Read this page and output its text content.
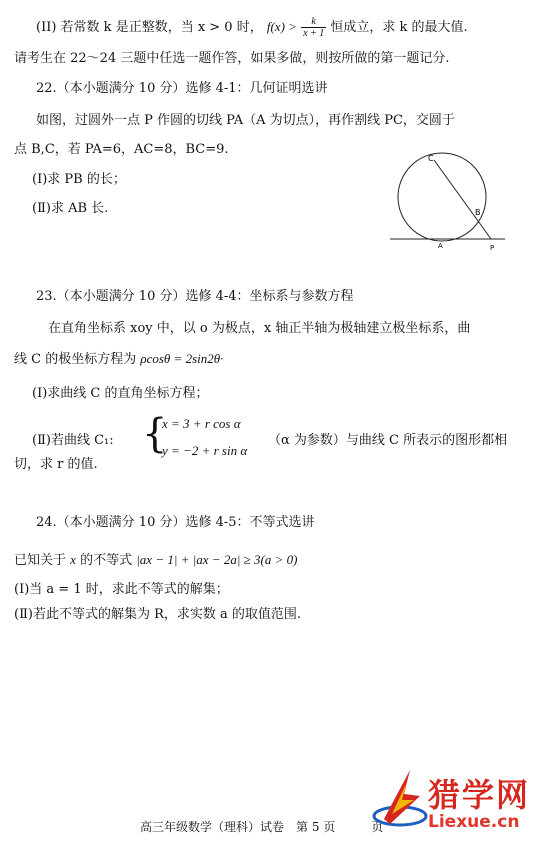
(II) 若常数 k 是正整数，当 x > 0 时， $f(x) > \frac{k}{x + 1}$ 恒成立，求 k 的最大值.
请考生在 22～24 三题中任选一题作答，如果多做，则按所做的第一题记分.
22.（本小题满分 10 分）选修 4-1：几何证明选讲
如图，过圆外一点 P 作圆的切线 PA（A 为切点），再作割线 PC，交圆于
点 B,C，若 PA=6，AC=8，BC=9.
(Ⅰ)求 PB 的长；
(Ⅱ)求 AB 长.
C
B
A	P
23.（本小题满分 10 分）选修 4-4：坐标系与参数方程
在直角坐标系 xoy 中，以 o 为极点，x 轴正半轴为极轴建立极坐标系，曲
线 C 的极坐标方程为 ρcosθ = 2sin2θ·
(Ⅰ)求曲线 C 的直角坐标方程；
(Ⅱ)若曲线 C₁: {
x = 3 + r cos α
y = −2 + r sin α
（α 为参数）与曲线 C 所表示的图形都相
切，求 r 的值.
24.（本小题满分 10 分）选修 4-5：不等式选讲
已知关于 x 的不等式 |ax − 1| + |ax − 2a| ≥ 3(a > 0)
(Ⅰ)当 a = 1 时，求此不等式的解集；
(Ⅱ)若此不等式的解集为 R，求实数 a 的取值范围.
高三年级数学（理科）试卷　第 5 页　　　页
猎学网
Liexue.cn
